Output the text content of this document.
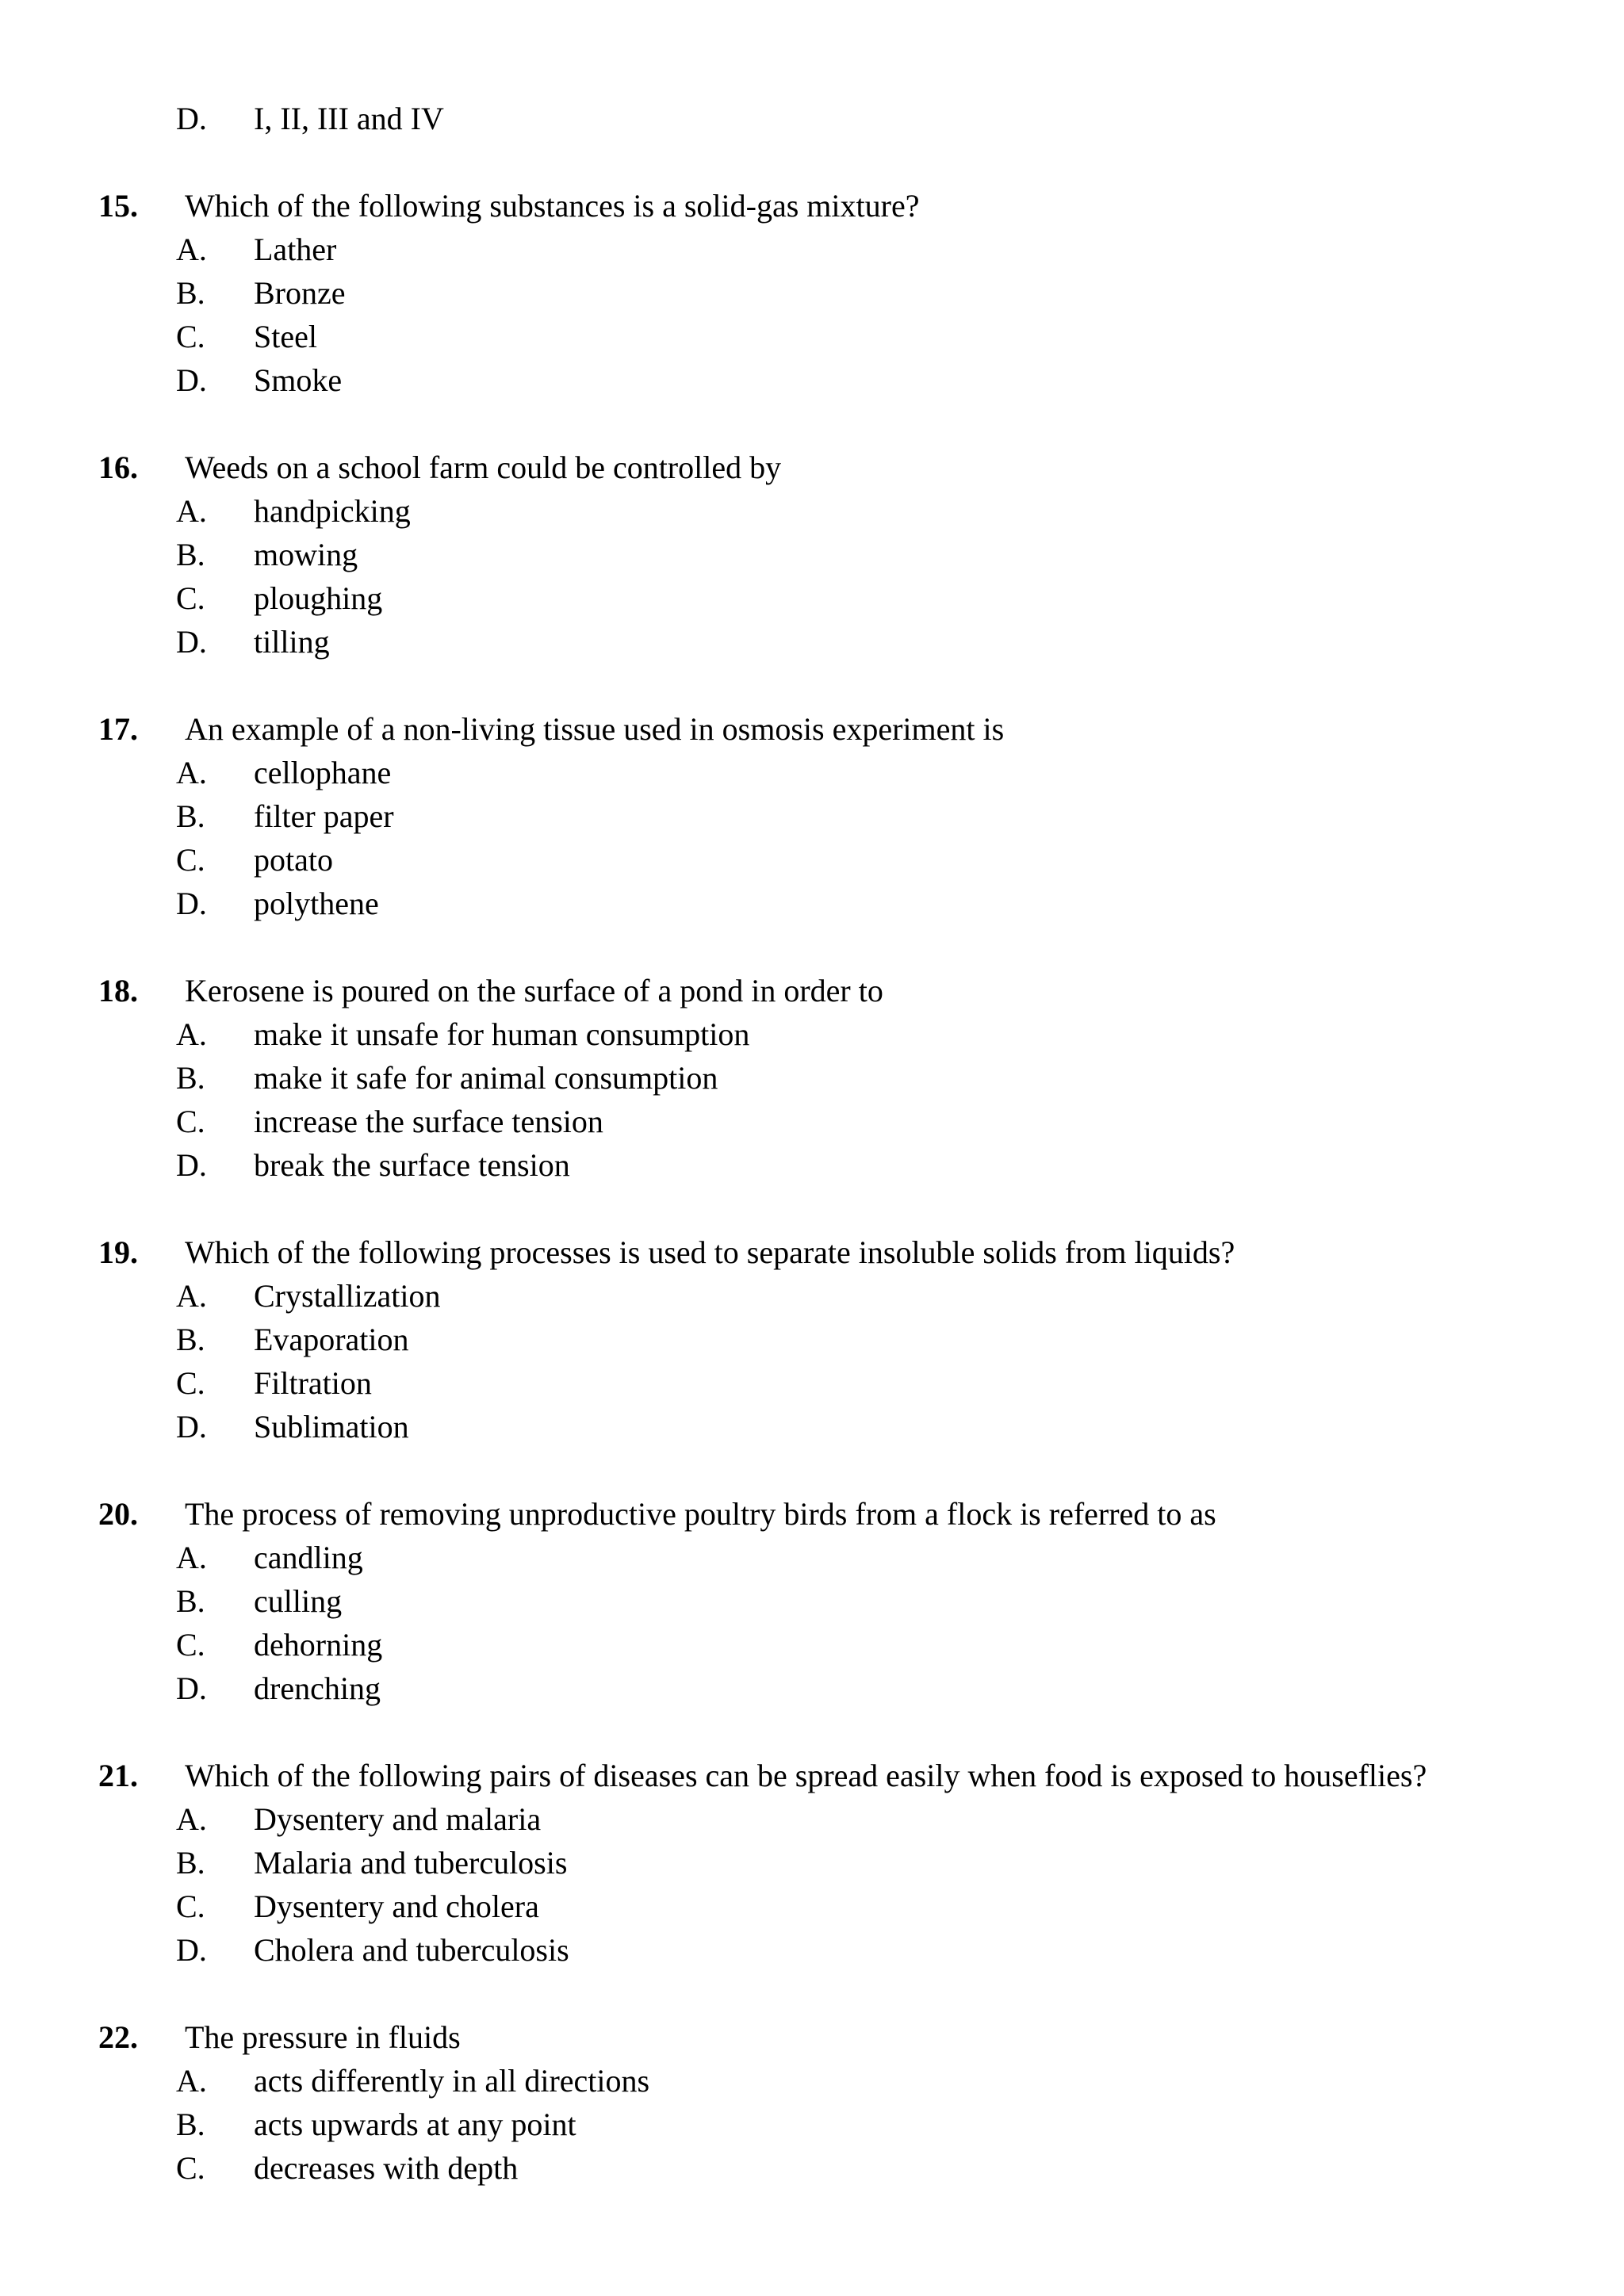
D.	I, II, III and IV
15.	Which of the following substances is a solid-gas mixture?
A.	Lather
B.	Bronze
C.	Steel
D.	Smoke
16.	Weeds on a school farm could be controlled by
A.	handpicking
B.	mowing
C.	ploughing
D.	tilling
17.	An example of a non-living tissue used in osmosis experiment is
A.	cellophane
B.	filter paper
C.	potato
D.	polythene
18.	Kerosene is poured on the surface of a pond in order to
A.	make it unsafe for human consumption
B.	make it safe for animal consumption
C.	increase the surface tension
D.	break the surface tension
19.	Which of the following processes is used to separate insoluble solids from liquids?
A.	Crystallization
B.	Evaporation
C.	Filtration
D.	Sublimation
20.	The process of removing unproductive poultry birds from a flock is referred to as
A.	candling
B.	culling
C.	dehorning
D.	drenching
21.	Which of the following pairs of diseases can be spread easily when food is exposed to houseflies?
A.	Dysentery and malaria
B.	Malaria and tuberculosis
C.	Dysentery and cholera
D.	Cholera and tuberculosis
22.	The pressure in fluids
A.	acts differently in all directions
B.	acts upwards at any point
C.	decreases with depth
